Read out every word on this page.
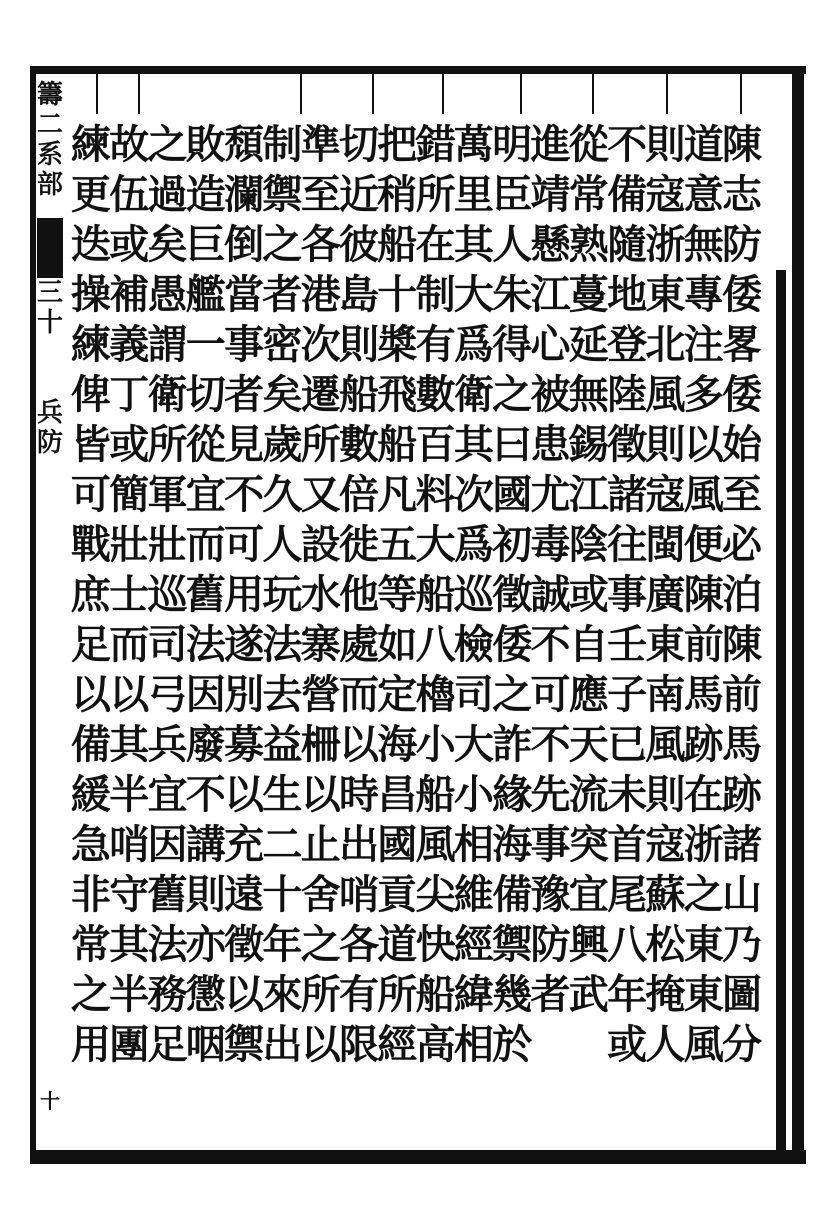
籌
二
系
部
三
十
兵
防
十
陳
志
防
倭
畧
倭
始
至
必
泊
陳
前
馬
跡
諸
山
乃
圖
分
道
意
無
專
注
多
以
風
便
陳
前
馬
跡
在
浙
之
東
東
風
則
寇
浙
東
北
風
則
寇
閩
廣
東
南
風
則
寇
蘇
松
掩
人
不
備
隨
地
登
陸
徵
諸
往
事
壬
子
已
未
首
尾
八
年
或
從
常
熟
蔓
延
無
錫
江
陰
或
自
應
天
流
突
宜
興
武
進
靖
懸
江
心
被
患
尤
毒
誠
不
可
不
先
事
豫
防
者
明
臣
人
朱
得
之
曰
國
初
徵
倭
之
詐
緣
海
備
禦
幾
於
萬
里
其
大
爲
衛
其
次
爲
巡
檢
司
大
小
相
維
經
緯
相
錯
所
在
制
有
數
百
料
大
船
八
櫓
小
船
風
尖
快
船
高
把
稍
船
十
槳
飛
船
凡
五
等
如
定
海
昌
國
貢
道
所
經
切
近
彼
島
則
船
數
倍
徙
他
處
而
以
時
出
哨
各
有
限
準
至
各
港
次
遷
所
又
設
水
寨
營
柵
以
止
舍
之
所
以
制
禦
之
者
密
矣
歲
久
人
玩
法
去
益
生
二
十
年
來
出
頹
瀾
倒
當
事
者
見
不
可
用
遂
別
募
以
充
遠
徵
以
禦
敗
造
巨
艦
一
切
從
宜
而
舊
法
因
廢
不
講
則
亦
懲
咽
之
過
矣
愚
謂
衛
所
軍
壯
巡
司
弓
兵
宜
因
舊
法
務
足
故
伍
或
補
義
丁
或
簡
壯
士
而
以
其
半
哨
守
其
半
團
練
更
迭
操
練
俾
皆
可
戰
庶
足
以
備
緩
急
非
常
之
用
